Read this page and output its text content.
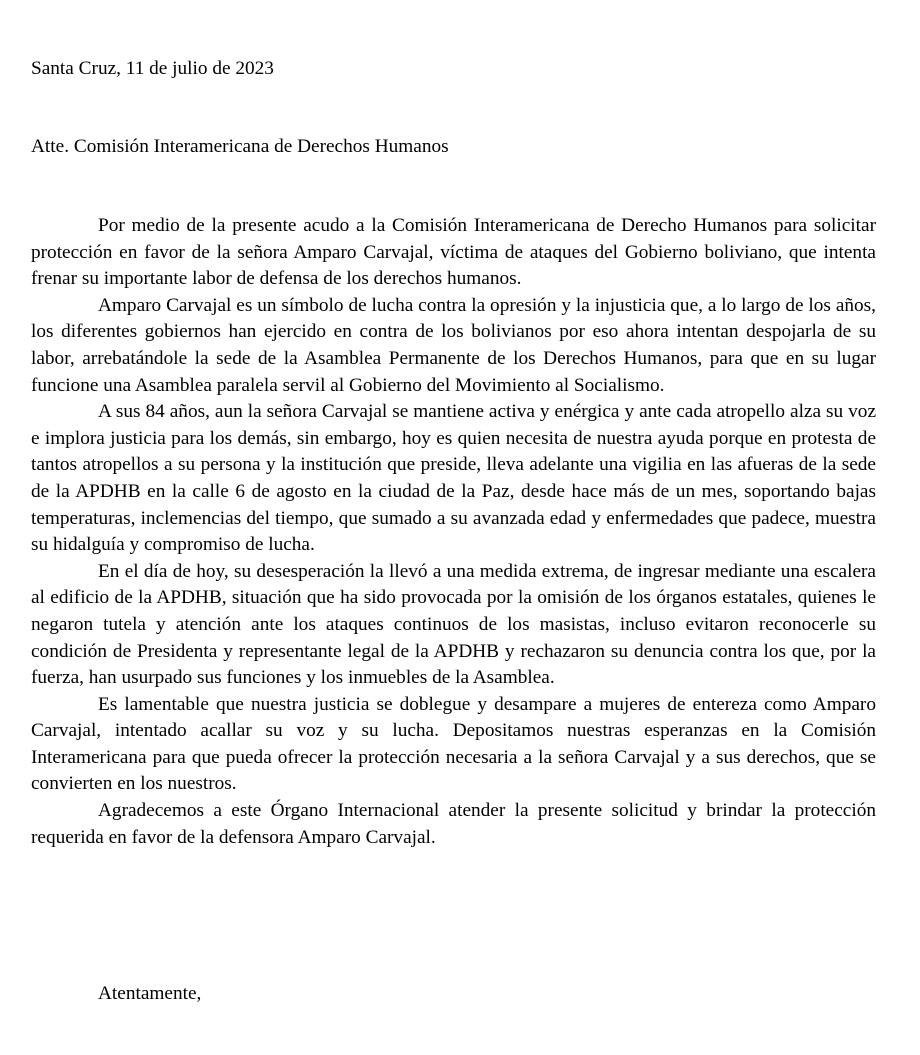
Santa Cruz, 11 de julio de 2023

Atte. Comisión Interamericana de Derechos Humanos

Por medio de la presente acudo a la Comisión Interamericana de Derecho Humanos para solicitar protección en favor de la señora Amparo Carvajal, víctima de ataques del Gobierno boliviano, que intenta frenar su importante labor de defensa de los derechos humanos.

Amparo Carvajal es un símbolo de lucha contra la opresión y la injusticia que, a lo largo de los años, los diferentes gobiernos han ejercido en contra de los bolivianos por eso ahora intentan despojarla de su labor, arrebatándole la sede de la Asamblea Permanente de los Derechos Humanos, para que en su lugar funcione una Asamblea paralela servil al Gobierno del Movimiento al Socialismo.

A sus 84 años, aun la señora Carvajal se mantiene activa y enérgica y ante cada atropello alza su voz e implora justicia para los demás, sin embargo, hoy es quien necesita de nuestra ayuda porque en protesta de tantos atropellos a su persona y la institución que preside, lleva adelante una vigilia en las afueras de la sede de la APDHB en la calle 6 de agosto en la ciudad de la Paz, desde hace más de un mes, soportando bajas temperaturas, inclemencias del tiempo, que sumado a su avanzada edad y enfermedades que padece, muestra su hidalguía y compromiso de lucha.

En el día de hoy, su desesperación la llevó a una medida extrema, de ingresar mediante una escalera al edificio de la APDHB, situación que ha sido provocada por la omisión de los órganos estatales, quienes le negaron tutela y atención ante los ataques continuos de los masistas, incluso evitaron reconocerle su condición de Presidenta y representante legal de la APDHB y rechazaron su denuncia contra los que, por la fuerza, han usurpado sus funciones y los inmuebles de la Asamblea.

Es lamentable que nuestra justicia se doblegue y desampare a mujeres de entereza como Amparo Carvajal, intentado acallar su voz y su lucha. Depositamos nuestras esperanzas en la Comisión Interamericana para que pueda ofrecer la protección necesaria a la señora Carvajal y a sus derechos, que se convierten en los nuestros.

Agradecemos a este Órgano Internacional atender la presente solicitud y brindar la protección requerida en favor de la defensora Amparo Carvajal.

Atentamente,
